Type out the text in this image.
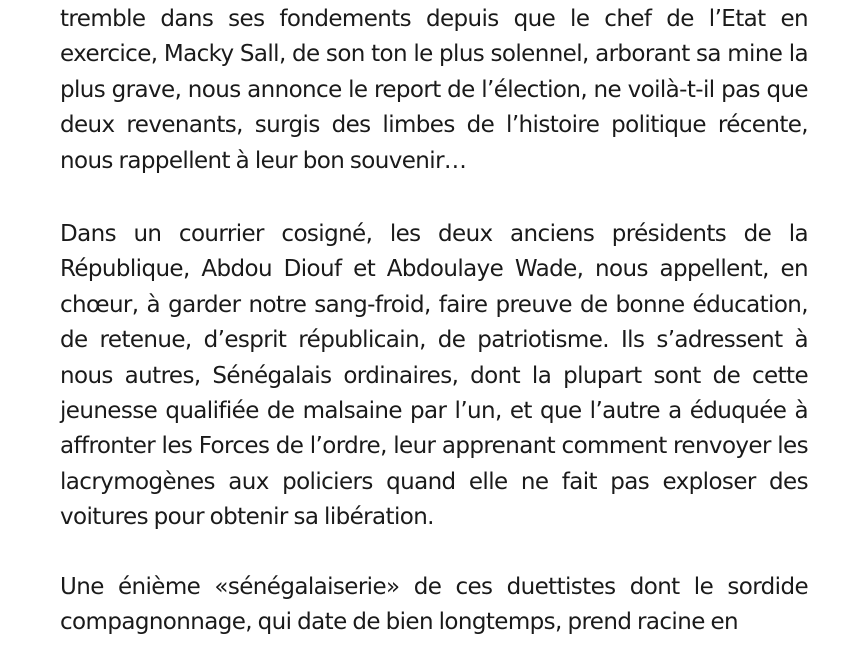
tremble dans ses fondements depuis que le chef de l’Etat en exercice, Macky Sall, de son ton le plus solennel, arborant sa mine la plus grave, nous annonce le report de l’élection, ne voilà-t-il pas que deux revenants, surgis des limbes de l’histoire politique récente, nous rappellent à leur bon souvenir…

Dans un courrier cosigné, les deux anciens présidents de la République, Abdou Diouf et Abdoulaye Wade, nous appellent, en chœur, à garder notre sang-froid, faire preuve de bonne éducation, de retenue, d’esprit républicain, de patriotisme. Ils s’adressent à nous autres, Sénégalais ordinaires, dont la plupart sont de cette jeunesse qualifiée de malsaine par l’un, et que l’autre a éduquée à affronter les Forces de l’ordre, leur apprenant comment renvoyer les lacrymogènes aux policiers quand elle ne fait pas exploser des voitures pour obtenir sa libération.

Une énième «sénégalaiserie» de ces duettistes dont le sordide compagnonnage, qui date de bien longtemps, prend racine en
